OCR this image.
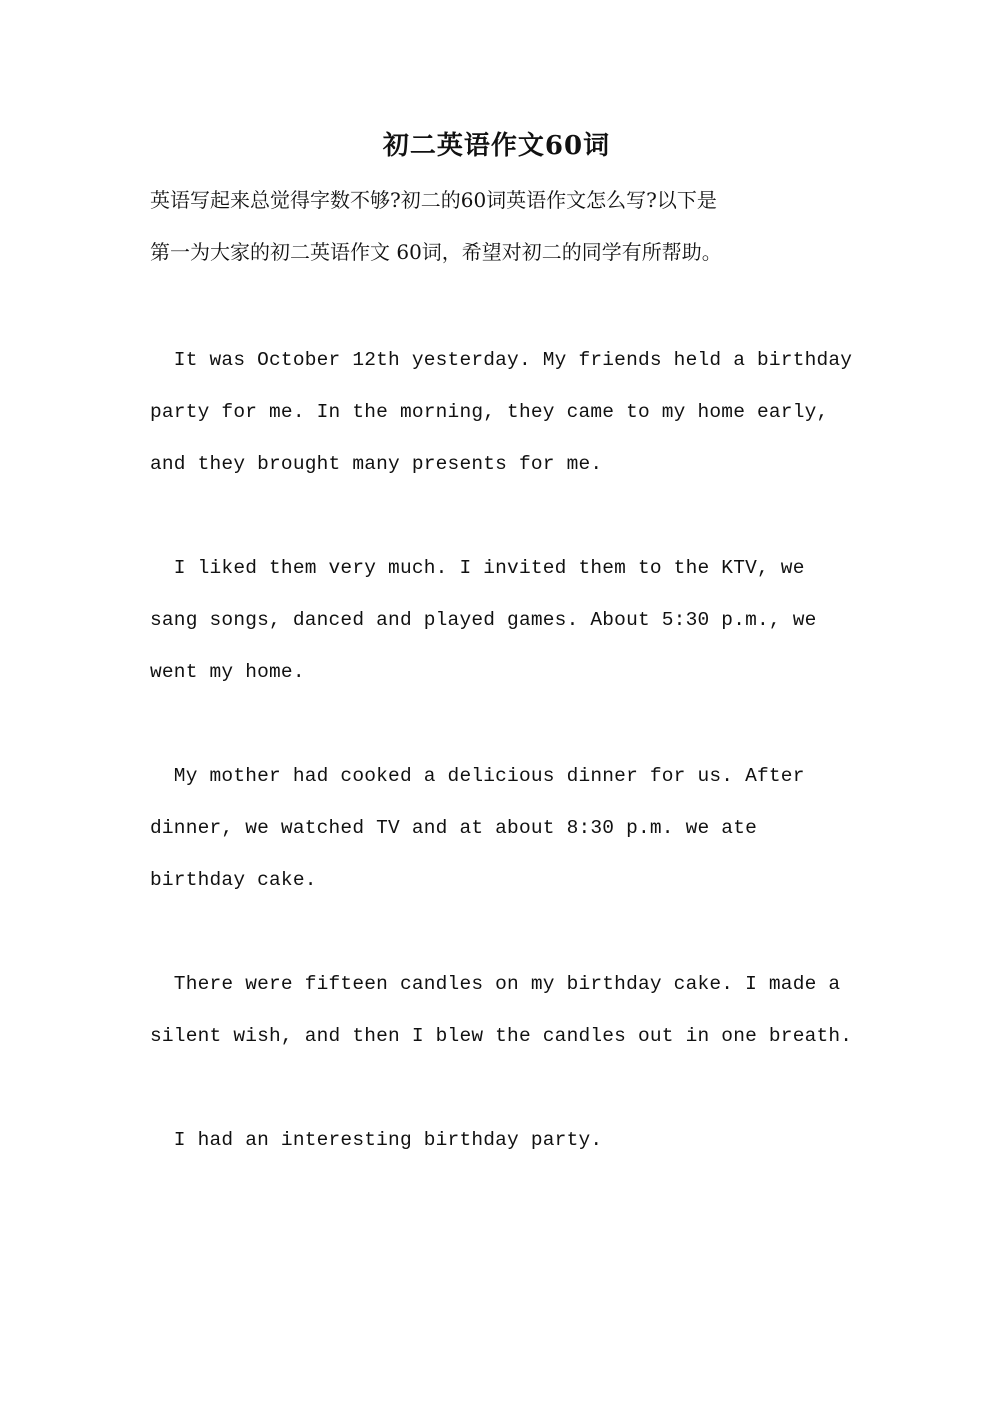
初二英语作文60词
英语写起来总觉得字数不够?初二的60词英语作文怎么写?以下是
第一为大家的初二英语作文 60词，希望对初二的同学有所帮助。
It was October 12th yesterday. My friends held a birthday
party for me. In the morning, they came to my home early,
and they brought many presents for me.
I liked them very much. I invited them to the KTV, we
sang songs, danced and played games. About 5:30 p.m., we
went my home.
My mother had cooked a delicious dinner for us. After
dinner, we watched TV and at about 8:30 p.m. we ate
birthday cake.
There were fifteen candles on my birthday cake. I made a
silent wish, and then I blew the candles out in one breath.
I had an interesting birthday party.
